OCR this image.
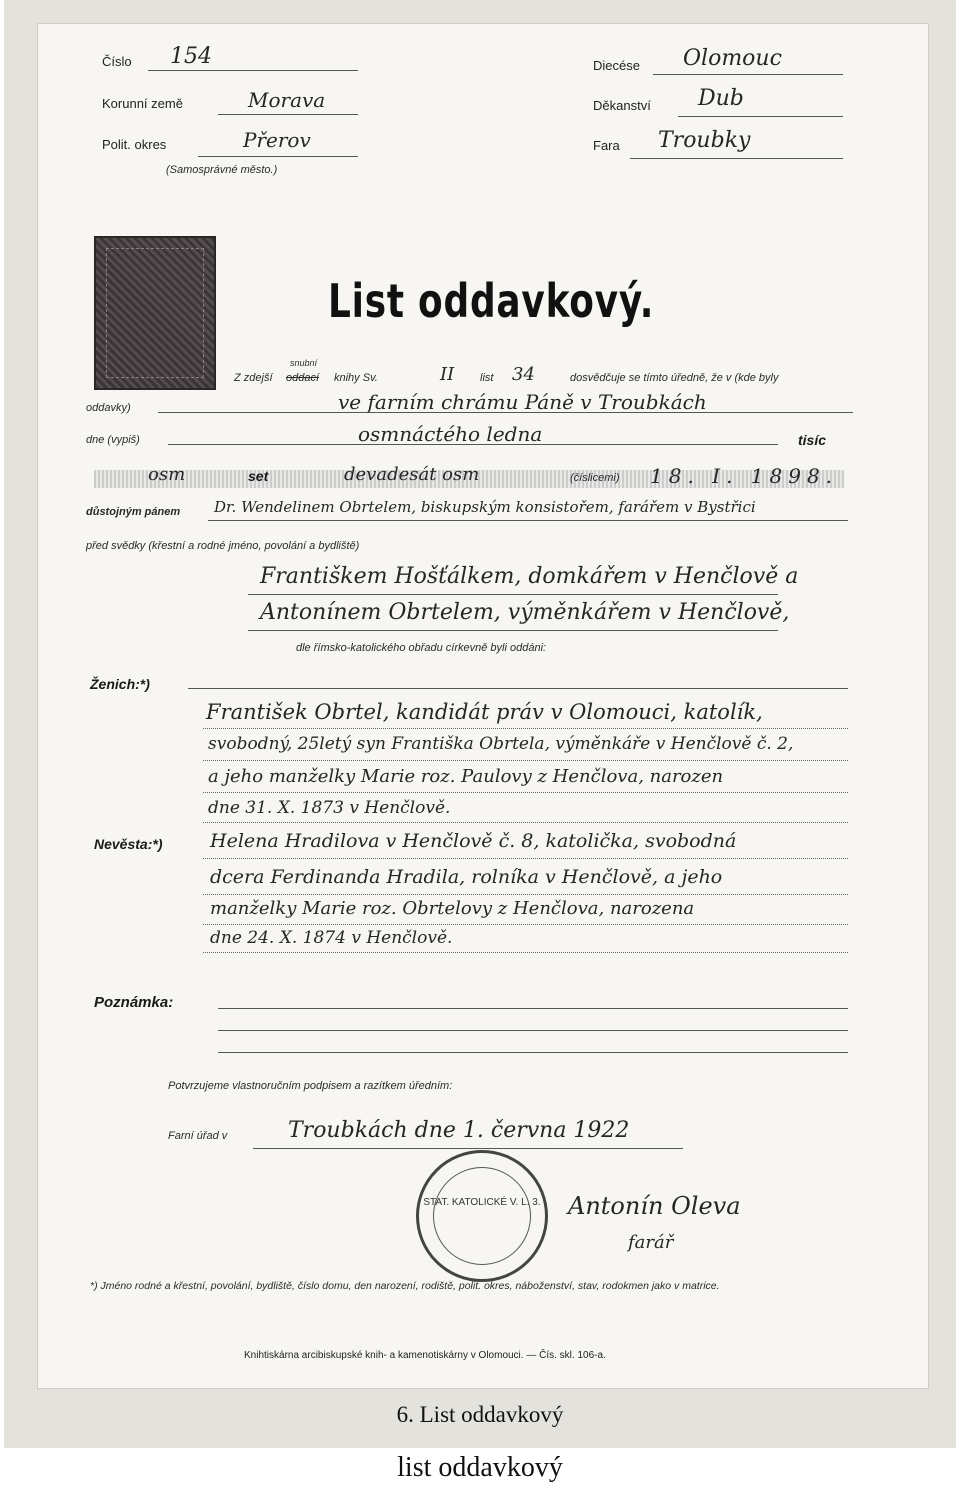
Číslo 154
Korunní země	Morava
Polit. okres	Přerov
(Samosprávné město.)
Diecése Olomouc
Děkanství Dub
Fara Troubky
List oddavkový.
Z zdejší oddací
snubní
knihy Sv.	II list 34	dosvědčuje se tímto úředně, že v (kde byly
oddavky)	ve farním chrámu Páně v Troubkách
dne (vypiš)	osmnáctého ledna	tisíc
osm	set	devadesát osm	(číslicemi) 18. I. 1898.
důstojným pánem Dr. Wendelinem Obrtelem, biskupským konsistořem, farářem v Bystřici
před svědky (křestní a rodné jméno, povolání a bydliště)
Františkem Hošťálkem, domkářem v Henčlově a
Antonínem Obrtelem, výměnkářem v Henčlově,
dle římsko-katolického obřadu církevně byli oddáni:
Ženich:*)
František Obrtel, kandidát práv v Olomouci, katolík,
svobodný, 25letý syn Františka Obrtela, výměnkáře v Henčlově č. 2,
a jeho manželky Marie roz. Paulovy z Henčlova, narozen
dne 31. X. 1873 v Henčlově.
Nevěsta:*)	Helena Hradilova v Henčlově č. 8, katolička, svobodná
dcera Ferdinanda Hradila, rolníka v Henčlově, a jeho
manželky Marie roz. Obrtelovy z Henčlova, narozena
dne 24. X. 1874 v Henčlově.
Poznámka:
Potvrzujeme vlastnoručním podpisem a razítkem úředním:
Farní úřad v	Troubkách dne 1. června 1922
STAT. KATOLICKÉ V. L. 3. Antonín Oleva
farář
*) Jméno rodné a křestní, povolání, bydliště, číslo domu, den narození, rodiště, polit. okres, náboženství, stav, rodokmen jako v matrice.
Knihtiskárna arcibiskupské knih- a kamenotiskárny v Olomouci. — Čís. skl. 106-a.
6. List oddavkový
list oddavkový
